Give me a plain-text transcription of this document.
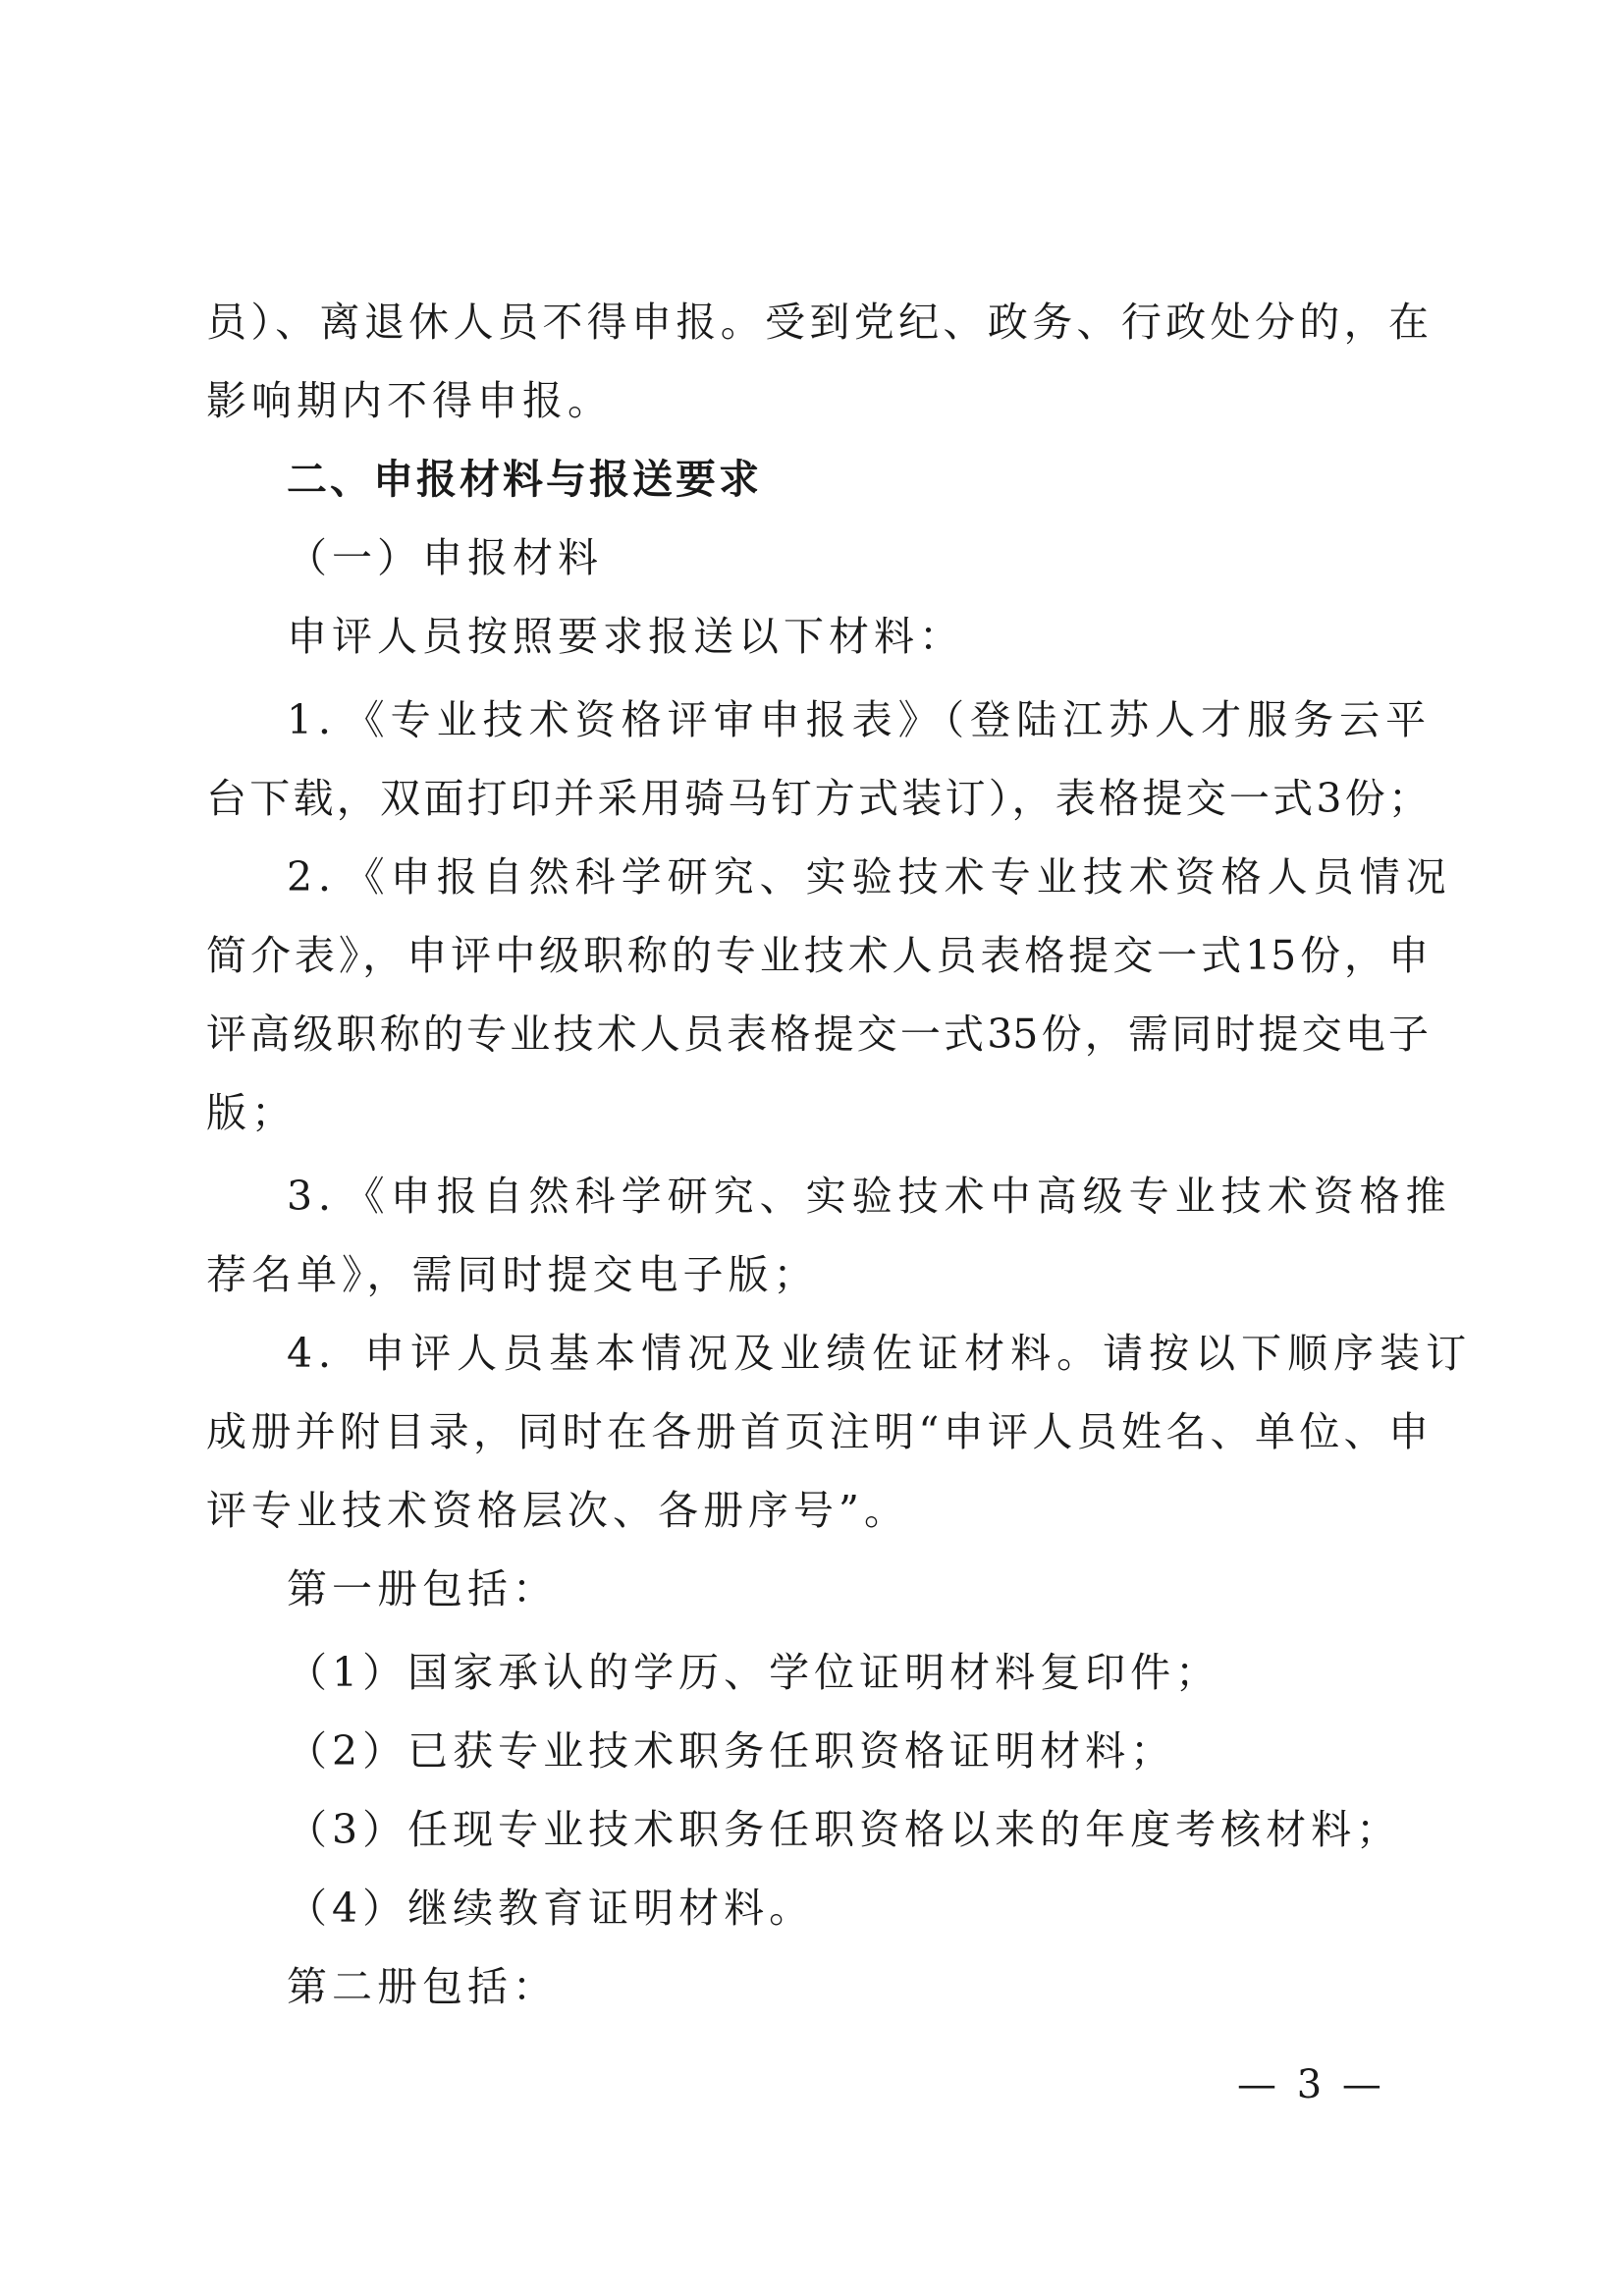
员）、离退休人员不得申报。受到党纪、政务、行政处分的，在
影响期内不得申报。
二、申报材料与报送要求
（一）申报材料
申评人员按照要求报送以下材料：
1．《专业技术资格评审申报表》（登陆江苏人才服务云平
台下载，双面打印并采用骑马钉方式装订），表格提交一式3份；
2．《申报自然科学研究、实验技术专业技术资格人员情况
简介表》，申评中级职称的专业技术人员表格提交一式15份，申
评高级职称的专业技术人员表格提交一式35份，需同时提交电子
版；
3．《申报自然科学研究、实验技术中高级专业技术资格推
荐名单》，需同时提交电子版；
4．申评人员基本情况及业绩佐证材料。请按以下顺序装订
成册并附目录，同时在各册首页注明“申评人员姓名、单位、申
评专业技术资格层次、各册序号”。
第一册包括：
（1）国家承认的学历、学位证明材料复印件；
（2）已获专业技术职务任职资格证明材料；
（3）任现专业技术职务任职资格以来的年度考核材料；
（4）继续教育证明材料。
第二册包括：
— 3 —
